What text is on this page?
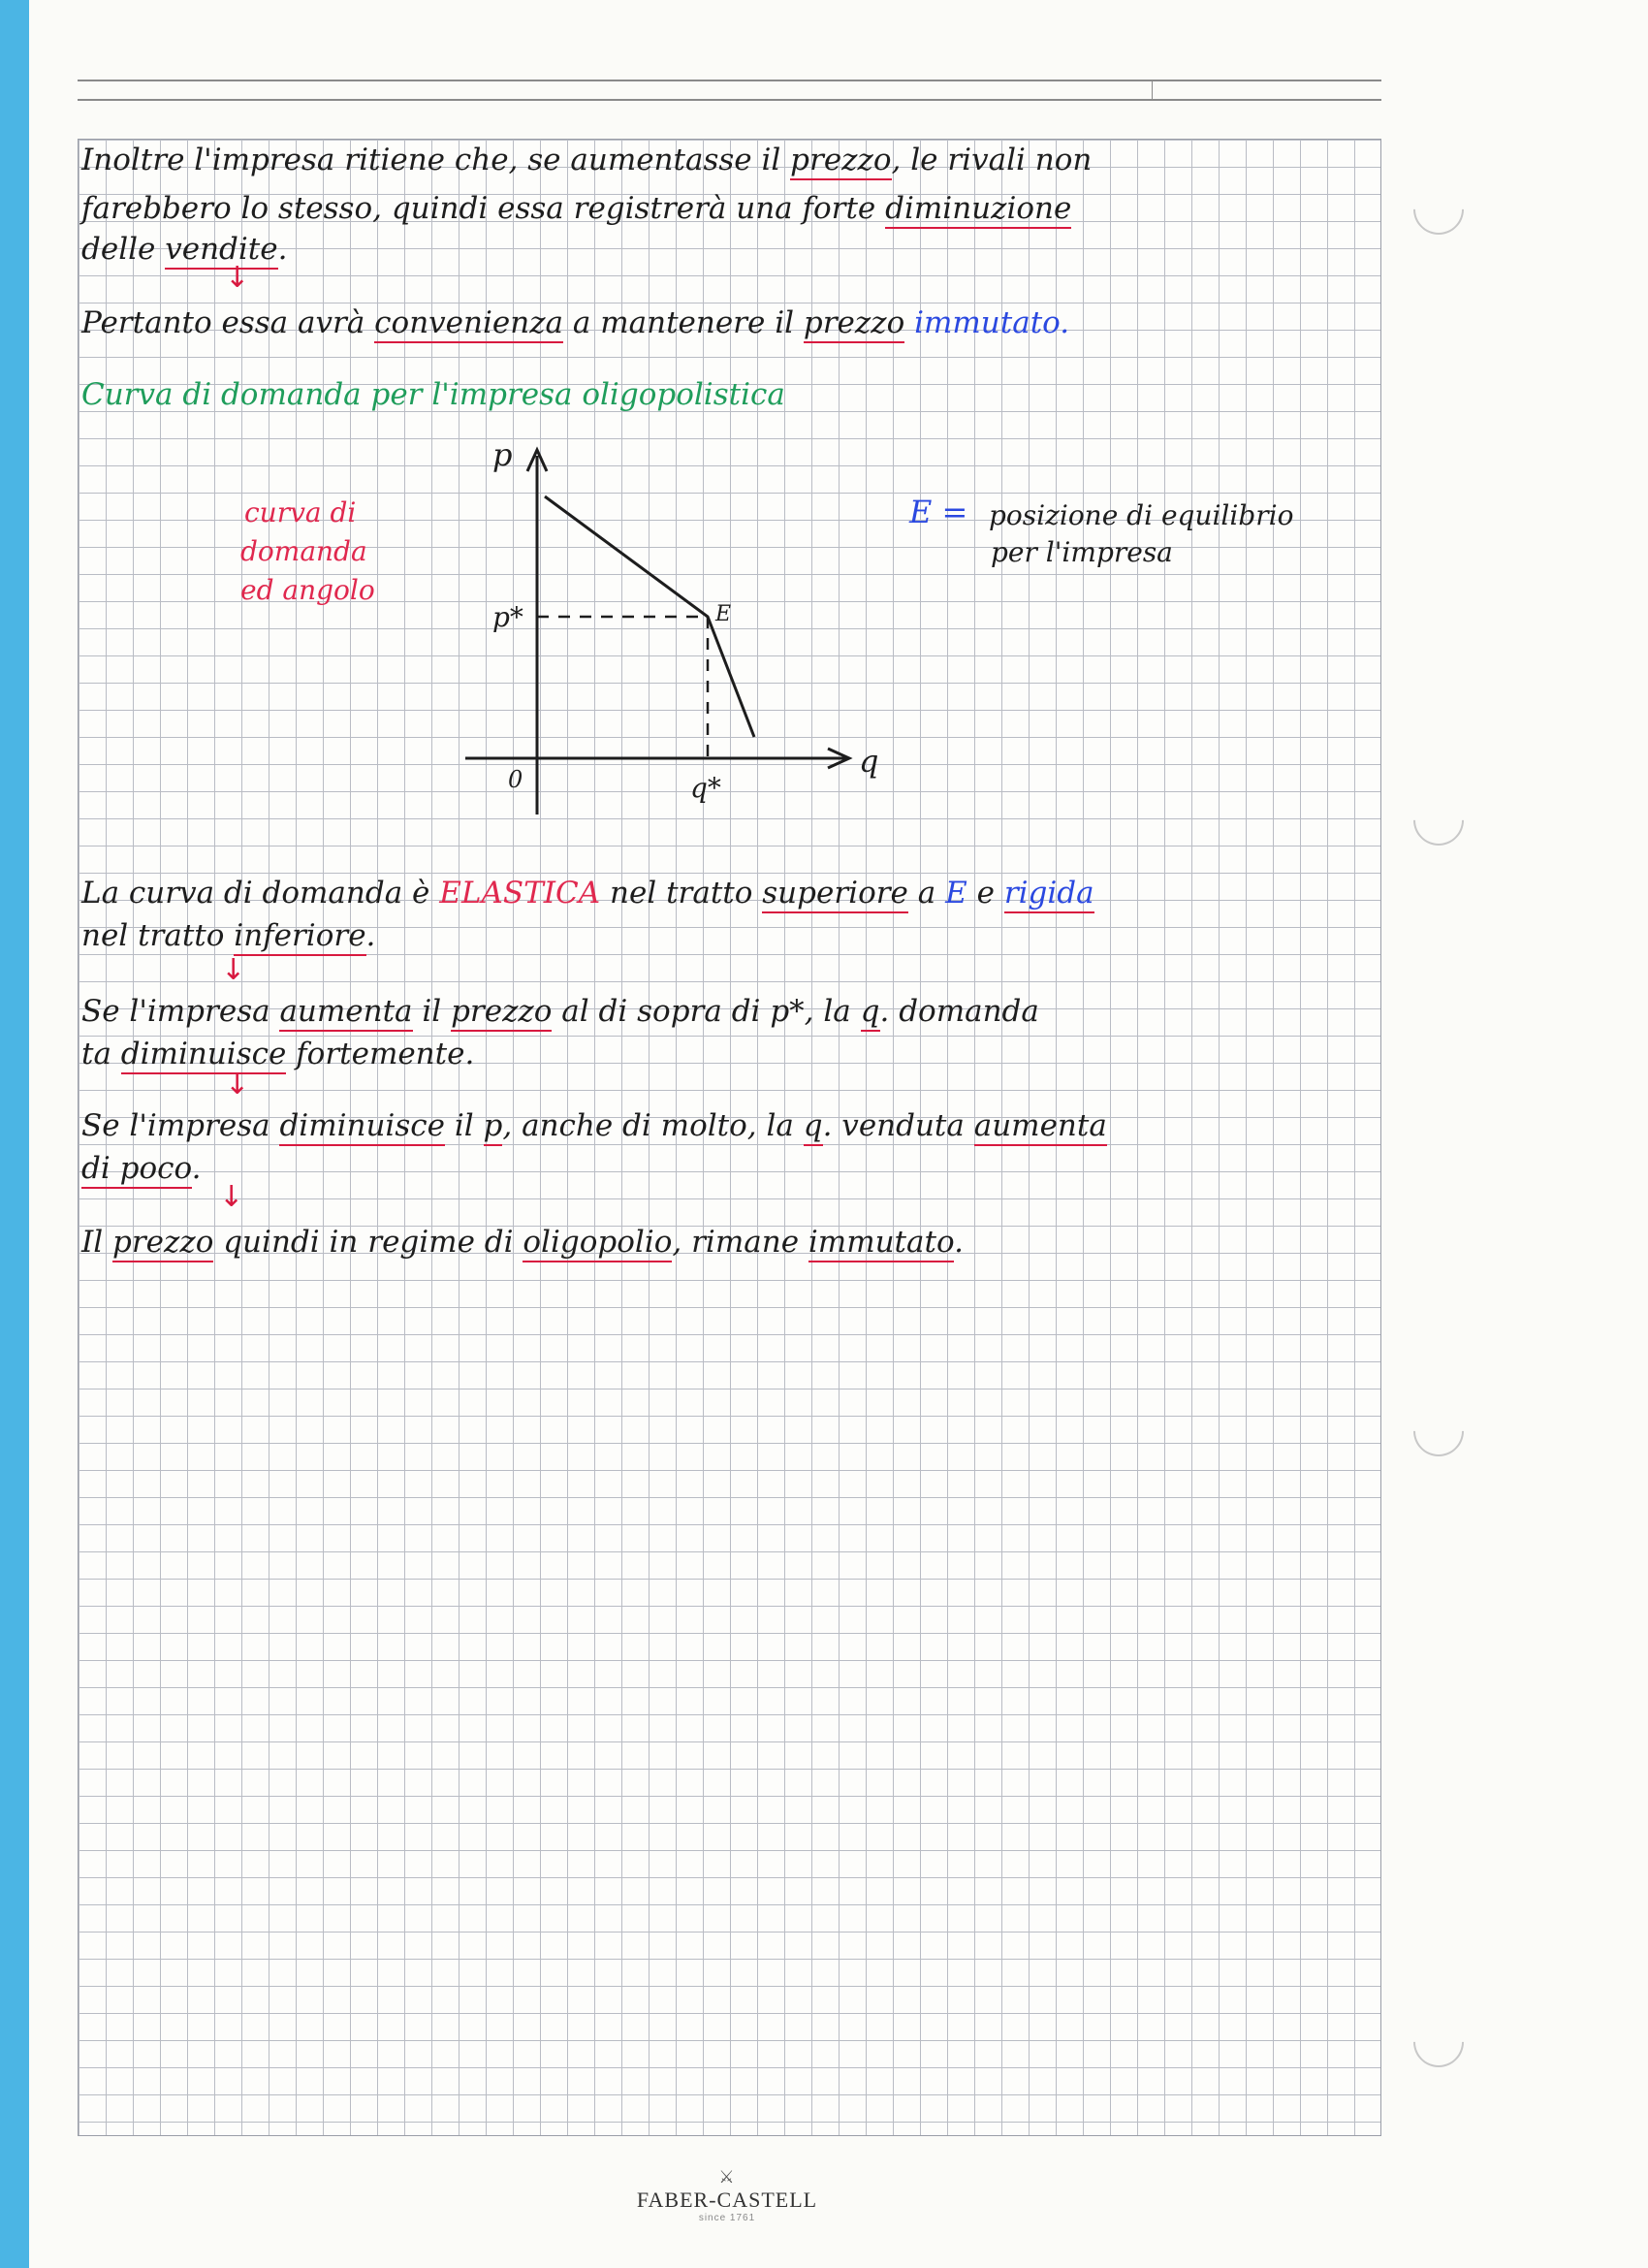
Inoltre l'impresa ritiene che, se aumentasse il prezzo, le rivali non
farebbero lo stesso, quindi essa registrerà una forte diminuzione
delle vendite.
↓
Pertanto essa avrà convenienza a mantenere il prezzo immutato.
Curva di domanda per l'impresa oligopolistica
p
q
0
p*
q*
E
curva di
domanda
ed angolo
E = posizione di equilibrio
per l'impresa
La curva di domanda è ELASTICA nel tratto superiore a E e rigida
nel tratto inferiore.
↓
Se l'impresa aumenta il prezzo al di sopra di p*, la q. domanda
ta diminuisce fortemente.
↓
Se l'impresa diminuisce il p, anche di molto, la q. venduta aumenta
di poco.
↓
Il prezzo quindi in regime di oligopolio, rimane immutato.
⚔
FABER-CASTELL
since 1761
